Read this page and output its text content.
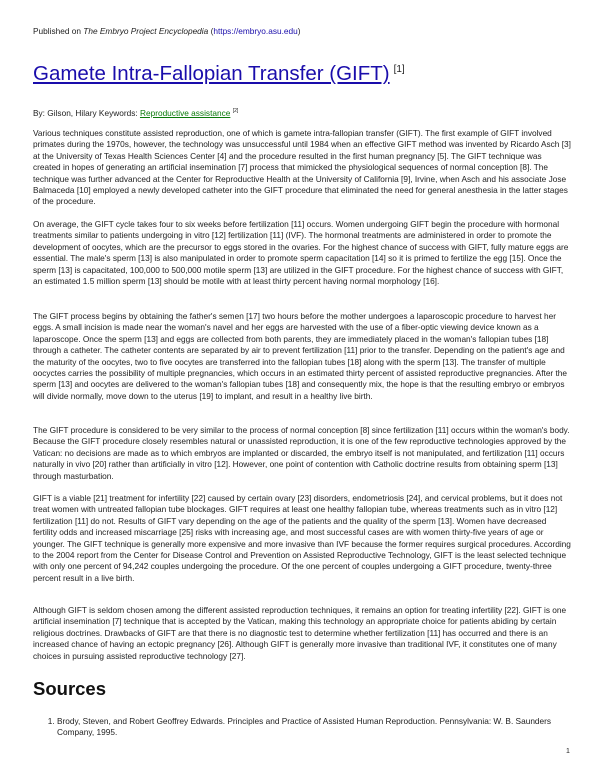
Published on The Embryo Project Encyclopedia (https://embryo.asu.edu)
Gamete Intra-Fallopian Transfer (GIFT) [1]
By: Gilson, Hilary Keywords: Reproductive assistance [2]

Various techniques constitute assisted reproduction, one of which is gamete intra-fallopian transfer (GIFT). The first example of GIFT involved primates during the 1970s, however, the technology was unsuccessful until 1984 when an effective GIFT method was invented by Ricardo Asch [3] at the University of Texas Health Sciences Center [4] and the procedure resulted in the first human pregnancy [5]. The GIFT technique was created in hopes of generating an artificial insemination [7] process that mimicked the physiological sequences of normal conception [8]. The technique was further advanced at the Center for Reproductive Health at the University of California [9], Irvine, when Asch and his associate Jose Balmaceda [10] employed a newly developed catheter into the GIFT procedure that eliminated the need for general anesthesia in the latter stages of the procedure.

On average, the GIFT cycle takes four to six weeks before fertilization [11] occurs. Women undergoing GIFT begin the procedure with hormonal treatments similar to patients undergoing in vitro [12] fertilization [11] (IVF). The hormonal treatments are administered in order to promote the development of oocytes, which are the precursor to eggs stored in the ovaries. For the highest chance of success with GIFT, fully mature eggs are essential. The male's sperm [13] is also manipulated in order to promote sperm capacitation [14] so it is primed to fertilize the egg [15]. Once the sperm [13] is capacitated, 100,000 to 500,000 motile sperm [13] are utilized in the GIFT procedure. For the highest chance of success with GIFT, an estimated 1.5 million sperm [13] should be motile with at least thirty percent having normal morphology [16].

The GIFT process begins by obtaining the father's semen [17] two hours before the mother undergoes a laparoscopic procedure to harvest her eggs. A small incision is made near the woman's navel and her eggs are harvested with the use of a fiber-optic viewing device known as a laparoscope. Once the sperm [13] and eggs are collected from both parents, they are immediately placed in the woman's fallopian tubes [18] through a catheter. The catheter contents are separated by air to prevent fertilization [11] prior to the transfer. Depending on the patient's age and the maturity of the oocytes, two to five oocytes are transferred into the fallopian tubes [18] along with the sperm [13]. The transfer of multiple oocyctes carries the possibility of multiple pregnancies, which occurs in an estimated thirty percent of assisted reproductive pregnancies. After the sperm [13] and oocytes are delivered to the woman's fallopian tubes [18] and consequently mix, the hope is that the resulting embryo or embryos will divide normally, move down to the uterus [19] to implant, and result in a healthy live birth.

The GIFT procedure is considered to be very similar to the process of normal conception [8] since fertilization [11] occurs within the woman's body. Because the GIFT procedure closely resembles natural or unassisted reproduction, it is one of the few reproductive technologies approved by the Vatican: no decisions are made as to which embryos are implanted or discarded, the embryo itself is not manipulated, and fertilization [11] occurs naturally in vivo [20] rather than artificially in vitro [12]. However, one point of contention with Catholic doctrine results from obtaining sperm [13] through masturbation.

GIFT is a viable [21] treatment for infertility [22] caused by certain ovary [23] disorders, endometriosis [24], and cervical problems, but it does not treat women with untreated fallopian tube blockages. GIFT requires at least one healthy fallopian tube, whereas treatments such as in vitro [12] fertilization [11] do not. Results of GIFT vary depending on the age of the patients and the quality of the sperm [13]. Women have decreased fertility odds and increased miscarriage [25] risks with increasing age, and most successful cases are with women thirty-five years of age or younger. The GIFT technique is generally more expensive and more invasive than IVF because the former requires surgical procedures. According to the 2004 report from the Center for Disease Control and Prevention on Assisted Reproductive Technology, GIFT is the least selected technique with only one percent of 94,242 couples undergoing the procedure. Of the one percent of couples undergoing a GIFT procedure, twenty-three percent result in a live birth.

Although GIFT is seldom chosen among the different assisted reproduction techniques, it remains an option for treating infertility [22]. GIFT is one artificial insemination [7] technique that is accepted by the Vatican, making this technology an appropriate choice for patients abiding by certain religious doctrines. Drawbacks of GIFT are that there is no diagnostic test to determine whether fertilization [11] has occurred and there is an increased chance of having an ectopic pregnancy [26]. Although GIFT is generally more invasive than traditional IVF, it constitutes one of many choices in pursuing assisted reproductive technology [27].

Sources
1. Brody, Steven, and Robert Geoffrey Edwards. Principles and Practice of Assisted Human Reproduction. Pennsylvania: W. B. Saunders Company, 1995.
1
